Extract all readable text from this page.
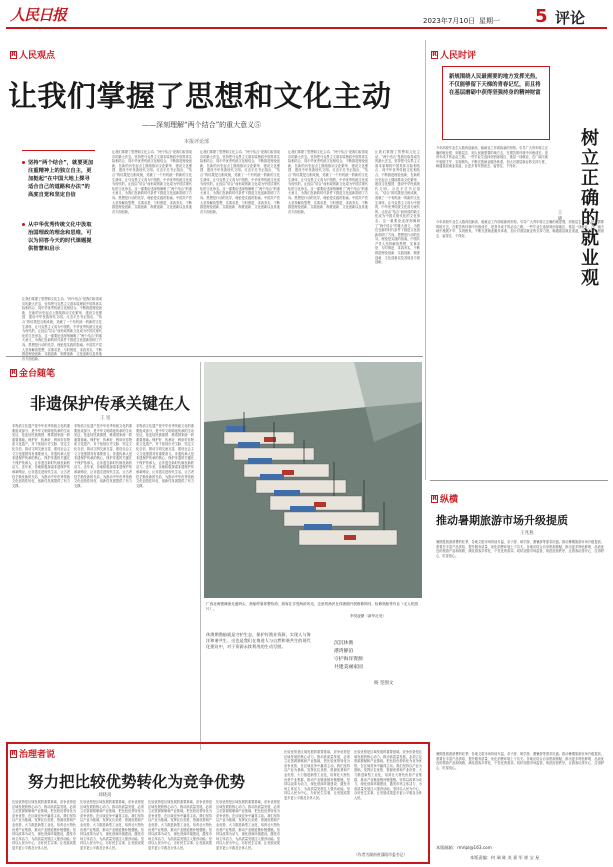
人民日报	2023年7月10日 星期一 5 评论
R 人民观点
让我们掌握了思想和文化主动
——深刻理解“两个结合”的重大意义⑤
本报评论部
坚持“两个结合”，就要更加注重精神上的独立自主，更加挺起“在中国大地上探寻适合自己的道路和办法”的高度自觉和坚定自信
从中华优秀传统文化中汲取治国理政的理念和思维，可以为回答今天的时代课题提供智慧和启示
让我们掌握了思想和文化主动。“两个结合”是我们取得成功的最大法宝，坚持把马克思主义基本原理同中国具体实际相结合、同中华优秀传统文化相结合，不断推进理论创新，在新的历史起点上继续推动文化繁荣、建设文化强国、建设中华民族现代文明。习近平总书记指出，“结合”的结果是互相成就，造就了一个有机统一的新的文化生命体，让马克思主义成为中国的，中华优秀传统文化成为现代的，让经由“结合”而形成的新文化成为中国式现代化的文化形态。这一重要论述深刻阐明了“两个结合”的重大意义，为我们在新的时代条件下推进文化创新指明了方向。思想是行动的先导，理论是实践的指南。中国共产党人坚持解放思想、实事求是、与时俱进、求真务实，不断推进理论创新、实践创新、制度创新、文化创新以及其他各方面创新。
让我们掌握了思想和文化主动。“两个结合”是我们取得成功的最大法宝，坚持把马克思主义基本原理同中国具体实际相结合、同中华优秀传统文化相结合，不断推进理论创新，在新的历史起点上继续推动文化繁荣、建设文化强国、建设中华民族现代文明。习近平总书记指出，“结合”的结果是互相成就，造就了一个有机统一的新的文化生命体，让马克思主义成为中国的，中华优秀传统文化成为现代的，让经由“结合”而形成的新文化成为中国式现代化的文化形态。这一重要论述深刻阐明了“两个结合”的重大意义，为我们在新的时代条件下推进文化创新指明了方向。思想是行动的先导，理论是实践的指南。中国共产党人坚持解放思想、实事求是、与时俱进、求真务实，不断推进理论创新、实践创新、制度创新、文化创新以及其他各方面创新。
让我们掌握了思想和文化主动。“两个结合”是我们取得成功的最大法宝，坚持把马克思主义基本原理同中国具体实际相结合、同中华优秀传统文化相结合，不断推进理论创新，在新的历史起点上继续推动文化繁荣、建设文化强国、建设中华民族现代文明。习近平总书记指出，“结合”的结果是互相成就，造就了一个有机统一的新的文化生命体，让马克思主义成为中国的，中华优秀传统文化成为现代的，让经由“结合”而形成的新文化成为中国式现代化的文化形态。这一重要论述深刻阐明了“两个结合”的重大意义，为我们在新的时代条件下推进文化创新指明了方向。思想是行动的先导，理论是实践的指南。中国共产党人坚持解放思想、实事求是、与时俱进、求真务实，不断推进理论创新、实践创新、制度创新、文化创新以及其他各方面创新。
让我们掌握了思想和文化主动。“两个结合”是我们取得成功的最大法宝，坚持把马克思主义基本原理同中国具体实际相结合、同中华优秀传统文化相结合，不断推进理论创新，在新的历史起点上继续推动文化繁荣、建设文化强国、建设中华民族现代文明。习近平总书记指出，“结合”的结果是互相成就，造就了一个有机统一的新的文化生命体，让马克思主义成为中国的，中华优秀传统文化成为现代的，让经由“结合”而形成的新文化成为中国式现代化的文化形态。这一重要论述深刻阐明了“两个结合”的重大意义，为我们在新的时代条件下推进文化创新指明了方向。思想是行动的先导，理论是实践的指南。中国共产党人坚持解放思想、实事求是、与时俱进、求真务实，不断推进理论创新、实践创新、制度创新、文化创新以及其他各方面创新。
让我们掌握了思想和文化主动。“两个结合”是我们取得成功的最大法宝，坚持把马克思主义基本原理同中国具体实际相结合、同中华优秀传统文化相结合，不断推进理论创新，在新的历史起点上继续推动文化繁荣、建设文化强国、建设中华民族现代文明。习近平总书记指出，“结合”的结果是互相成就，造就了一个有机统一的新的文化生命体，让马克思主义成为中国的，中华优秀传统文化成为现代的，让经由“结合”而形成的新文化成为中国式现代化的文化形态。这一重要论述深刻阐明了“两个结合”的重大意义，为我们在新的时代条件下推进文化创新指明了方向。思想是行动的先导，理论是实践的指南。中国共产党人坚持解放思想、实事求是、与时俱进、求真务实，不断推进理论创新、实践创新、制度创新、文化创新以及其他各方面创新。
R 人民时评
新规围绕人民最需要的地方发挥光热，不仅能够留下天梯的青春记忆，而且将在基层磨砺中获得坚强持身的精神财富
树立正确的就业观
王 晓
今年高校毕业生人数再创新高，稳就业工作面临新的形势。引导广大青年树立正确的就业观，到基层去、到人民最需要的地方去，在艰苦的环境中历练成长，是青年成才的必由之路。一些毕业生选择到西部地区、基层一线就业，在广阔天地中施展才华、实现抱负。不断完善就业服务体系，加大对基层就业的支持力度，畅通基层就业渠道，让更多青年愿意去、留得住、干得好。
今年高校毕业生人数再创新高，稳就业工作面临新的形势。引导广大青年树立正确的就业观，到基层去、到人民最需要的地方去，在艰苦的环境中历练成长，是青年成才的必由之路。一些毕业生选择到西部地区、基层一线就业，在广阔天地中施展才华、实现抱负。不断完善就业服务体系，加大对基层就业的支持力度，畅通基层就业渠道，让更多青年愿意去、留得住、干得好。
R 金台随笔
非遗保护传承关键在人
王 宽
非物质文化遗产是中华优秀传统文化的重要组成部分，是中华文明绵延传承的生动见证，是连结民族情感、维系国家统一的重要基础。保护好、传承好、利用好非物质文化遗产，对于延续历史文脉、坚定文化自信、推动文明交流互鉴、建设社会主义文化强国具有重要意义。非遗传承人是非遗保护传承的核心，保护非遗的关键在于保护传承人，让非遗在新时代焕发新的活力。近年来，各地积极探索非遗保护传承新路径，让非遗走进现代生活，让古老技艺焕发新的光彩，为推动中华优秀传统文化创造性转化、创新性发展提供了有力支撑。
非物质文化遗产是中华优秀传统文化的重要组成部分，是中华文明绵延传承的生动见证，是连结民族情感、维系国家统一的重要基础。保护好、传承好、利用好非物质文化遗产，对于延续历史文脉、坚定文化自信、推动文明交流互鉴、建设社会主义文化强国具有重要意义。非遗传承人是非遗保护传承的核心，保护非遗的关键在于保护传承人，让非遗在新时代焕发新的活力。近年来，各地积极探索非遗保护传承新路径，让非遗走进现代生活，让古老技艺焕发新的光彩，为推动中华优秀传统文化创造性转化、创新性发展提供了有力支撑。
非物质文化遗产是中华优秀传统文化的重要组成部分，是中华文明绵延传承的生动见证，是连结民族情感、维系国家统一的重要基础。保护好、传承好、利用好非物质文化遗产，对于延续历史文脉、坚定文化自信、推动文明交流互鉴、建设社会主义文化强国具有重要意义。非遗传承人是非遗保护传承的核心，保护非遗的关键在于保护传承人，让非遗在新时代焕发新的活力。近年来，各地积极探索非遗保护传承新路径，让非遗走进现代生活，让古老技艺焕发新的光彩，为推动中华优秀传统文化创造性转化、创新性发展提供了有力支撑。
广西北海银滩渔光港码头，渔船停靠休整待命，游客在享受海滨风光。这里的渔民在休渔期开展维修网具、检修渔船等作业（无人机照片）。
李昊凌摄（新华社发）
休渔期渔船就是守护生态，保护好渔业资源，实现人与海洋和谐共生。这也是我们在推进人与自然和谐共生的现代化建设中，对于资源永续利用的生动写照。
沉沉休渔
港湾静泊
守护海洋资源
共建美丽家园
杨 坚图文
R 纵横
推动暑期旅游市场升级提质
王兆燕
暑期是旅游消费的旺季，各地文旅市场持续升温，亲子游、研学游、避暑游等需求旺盛。推动暑期旅游市场升级提质，需要在丰富产品供给、提升服务质量、优化消费环境上下功夫。各地应结合自身资源禀赋，推出更多特色鲜明、品质优良的旅游产品和线路，满足游客多样化、个性化的需求。同时加强市场监管，规范经营秩序，让游客玩得开心、住得舒心、吃得放心。
暑期是旅游消费的旺季，各地文旅市场持续升温，亲子游、研学游、避暑游等需求旺盛。推动暑期旅游市场升级提质，需要在丰富产品供给、提升服务质量、优化消费环境上下功夫。各地应结合自身资源禀赋，推出更多特色鲜明、品质优良的旅游产品和线路，满足游客多样化、个性化的需求。同时加强市场监管，规范经营秩序，让游客玩得开心、住得舒心、吃得放心。
R 治理者说
努力把比较优势转化为竞争优势
刘晓高
比较优势是区域发展的重要基础，竞争优势是区域发展的核心动力。推动高质量发展，必须立足资源禀赋和产业基础，把比较优势转化为竞争优势，在区域竞争中赢得主动。我们坚持以产业为基础，发挥区位优势、资源优势和产业优势，大力推进新型工业化，培育壮大特色优势产业集群，推动产业链延链补链强链。坚持以改革为动力，深化营商环境建设，激发市场主体活力，为高质量发展注入强劲动能。坚持以人民为中心，办好民生实事，让发展成果更多更公平惠及全体人民。
比较优势是区域发展的重要基础，竞争优势是区域发展的核心动力。推动高质量发展，必须立足资源禀赋和产业基础，把比较优势转化为竞争优势，在区域竞争中赢得主动。我们坚持以产业为基础，发挥区位优势、资源优势和产业优势，大力推进新型工业化，培育壮大特色优势产业集群，推动产业链延链补链强链。坚持以改革为动力，深化营商环境建设，激发市场主体活力，为高质量发展注入强劲动能。坚持以人民为中心，办好民生实事，让发展成果更多更公平惠及全体人民。
比较优势是区域发展的重要基础，竞争优势是区域发展的核心动力。推动高质量发展，必须立足资源禀赋和产业基础，把比较优势转化为竞争优势，在区域竞争中赢得主动。我们坚持以产业为基础，发挥区位优势、资源优势和产业优势，大力推进新型工业化，培育壮大特色优势产业集群，推动产业链延链补链强链。坚持以改革为动力，深化营商环境建设，激发市场主体活力，为高质量发展注入强劲动能。坚持以人民为中心，办好民生实事，让发展成果更多更公平惠及全体人民。
比较优势是区域发展的重要基础，竞争优势是区域发展的核心动力。推动高质量发展，必须立足资源禀赋和产业基础，把比较优势转化为竞争优势，在区域竞争中赢得主动。我们坚持以产业为基础，发挥区位优势、资源优势和产业优势，大力推进新型工业化，培育壮大特色优势产业集群，推动产业链延链补链强链。坚持以改革为动力，深化营商环境建设，激发市场主体活力，为高质量发展注入强劲动能。坚持以人民为中心，办好民生实事，让发展成果更多更公平惠及全体人民。
比较优势是区域发展的重要基础，竞争优势是区域发展的核心动力。推动高质量发展，必须立足资源禀赋和产业基础，把比较优势转化为竞争优势，在区域竞争中赢得主动。我们坚持以产业为基础，发挥区位优势、资源优势和产业优势，大力推进新型工业化，培育壮大特色优势产业集群，推动产业链延链补链强链。坚持以改革为动力，深化营商环境建设，激发市场主体活力，为高质量发展注入强劲动能。坚持以人民为中心，办好民生实事，让发展成果更多更公平惠及全体人民。
比较优势是区域发展的重要基础，竞争优势是区域发展的核心动力。推动高质量发展，必须立足资源禀赋和产业基础，把比较优势转化为竞争优势，在区域竞争中赢得主动。我们坚持以产业为基础，发挥区位优势、资源优势和产业优势，大力推进新型工业化，培育壮大特色优势产业集群，推动产业链延链补链强链。坚持以改革为动力，深化营商环境建设，激发市场主体活力，为高质量发展注入强劲动能。坚持以人民为中心，办好民生实事，让发展成果更多更公平惠及全体人民。
（作者为湖南省邵阳市委书记）
本版邮箱：rmrlpl@163.com
本版责编：何 瑞 陈 炎 嘉 军 崔 宝 星
